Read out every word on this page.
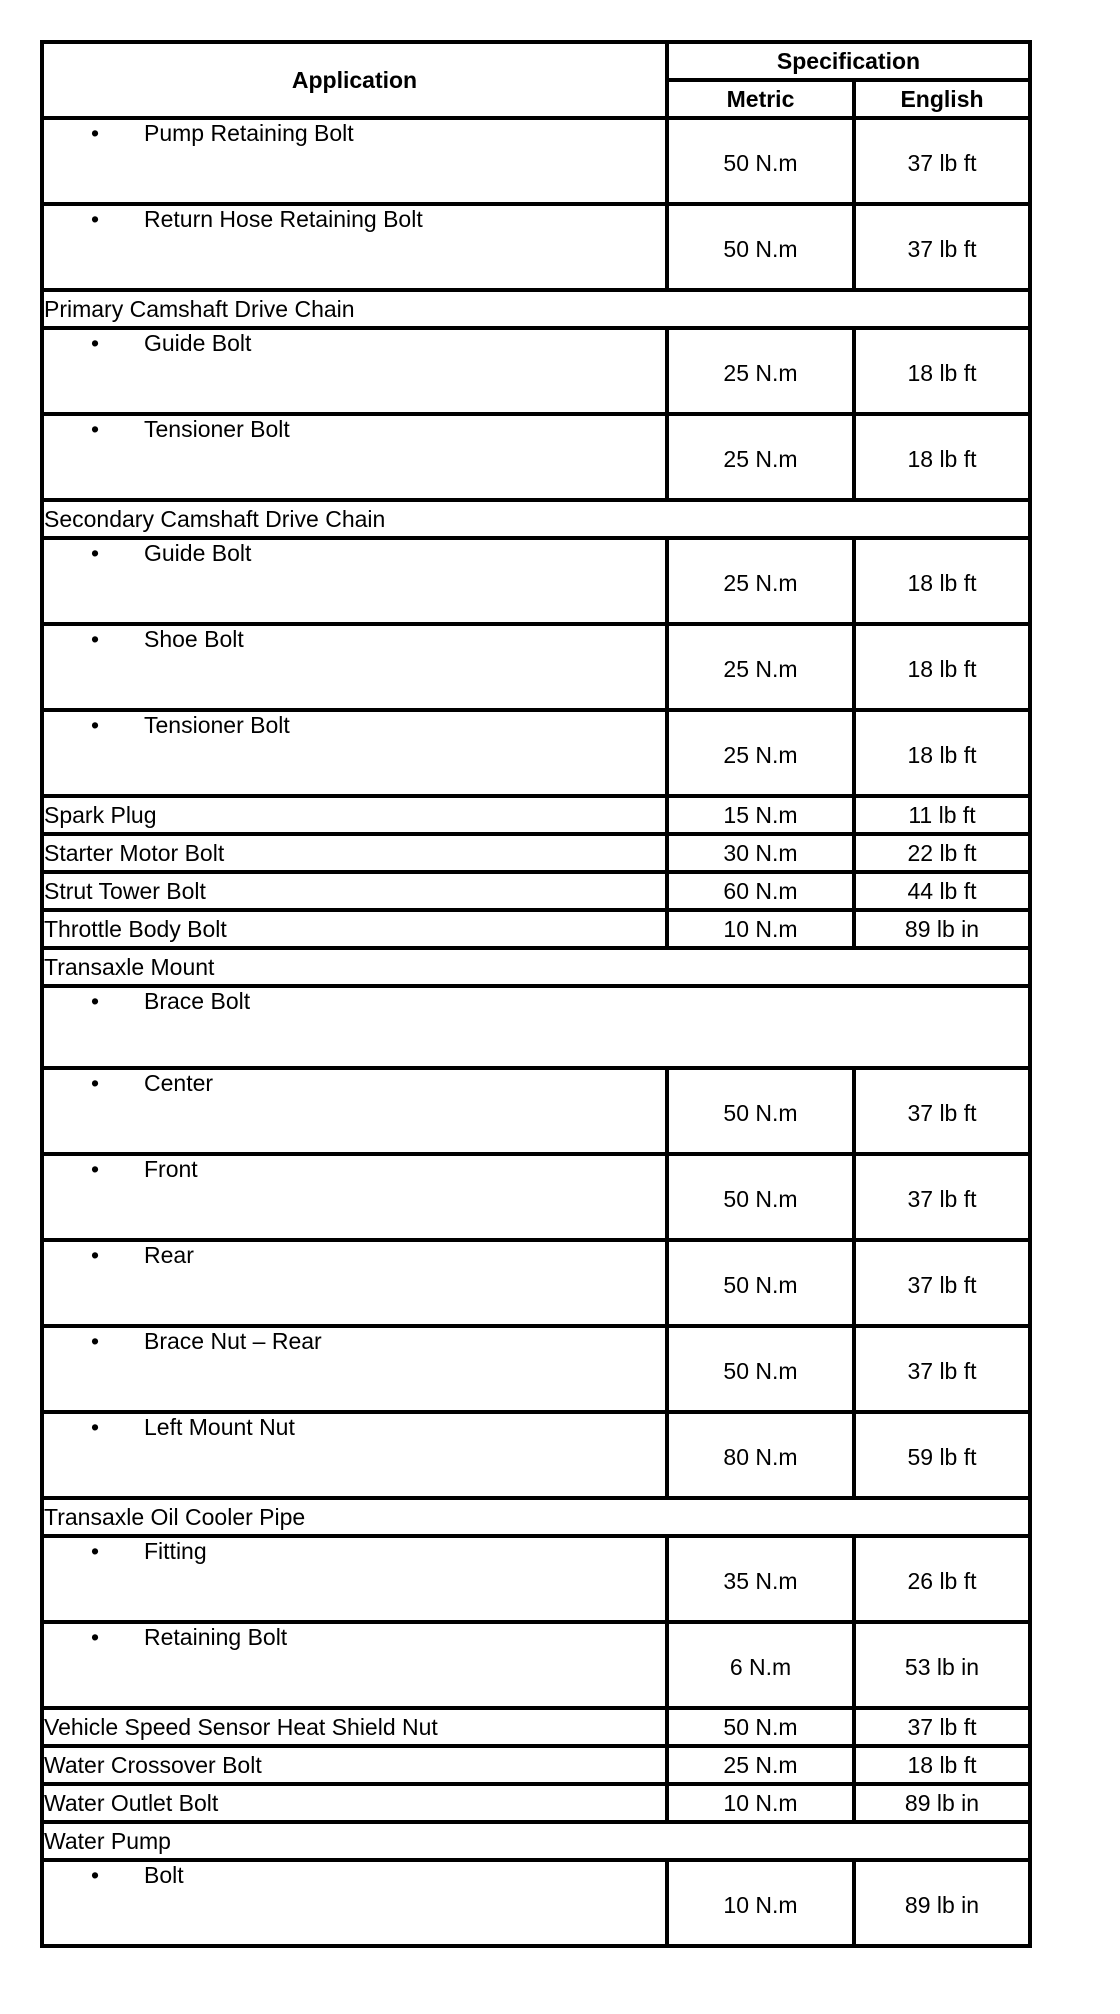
Application	Specification	
	Metric	English
• Pump Retaining Bolt	50 N.m	37 lb ft
• Return Hose Retaining Bolt	50 N.m	37 lb ft
Primary Camshaft Drive Chain		
• Guide Bolt	25 N.m	18 lb ft
• Tensioner Bolt	25 N.m	18 lb ft
Secondary Camshaft Drive Chain		
• Guide Bolt	25 N.m	18 lb ft
• Shoe Bolt	25 N.m	18 lb ft
• Tensioner Bolt	25 N.m	18 lb ft
Spark Plug	15 N.m	11 lb ft
Starter Motor Bolt	30 N.m	22 lb ft
Strut Tower Bolt	60 N.m	44 lb ft
Throttle Body Bolt	10 N.m	89 lb in
Transaxle Mount		
• Brace Bolt		
• Center	50 N.m	37 lb ft
• Front	50 N.m	37 lb ft
• Rear	50 N.m	37 lb ft
• Brace Nut – Rear	50 N.m	37 lb ft
• Left Mount Nut	80 N.m	59 lb ft
Transaxle Oil Cooler Pipe		
• Fitting	35 N.m	26 lb ft
• Retaining Bolt	6 N.m	53 lb in
Vehicle Speed Sensor Heat Shield Nut	50 N.m	37 lb ft
Water Crossover Bolt	25 N.m	18 lb ft
Water Outlet Bolt	10 N.m	89 lb in
Water Pump		
• Bolt	10 N.m	89 lb in
